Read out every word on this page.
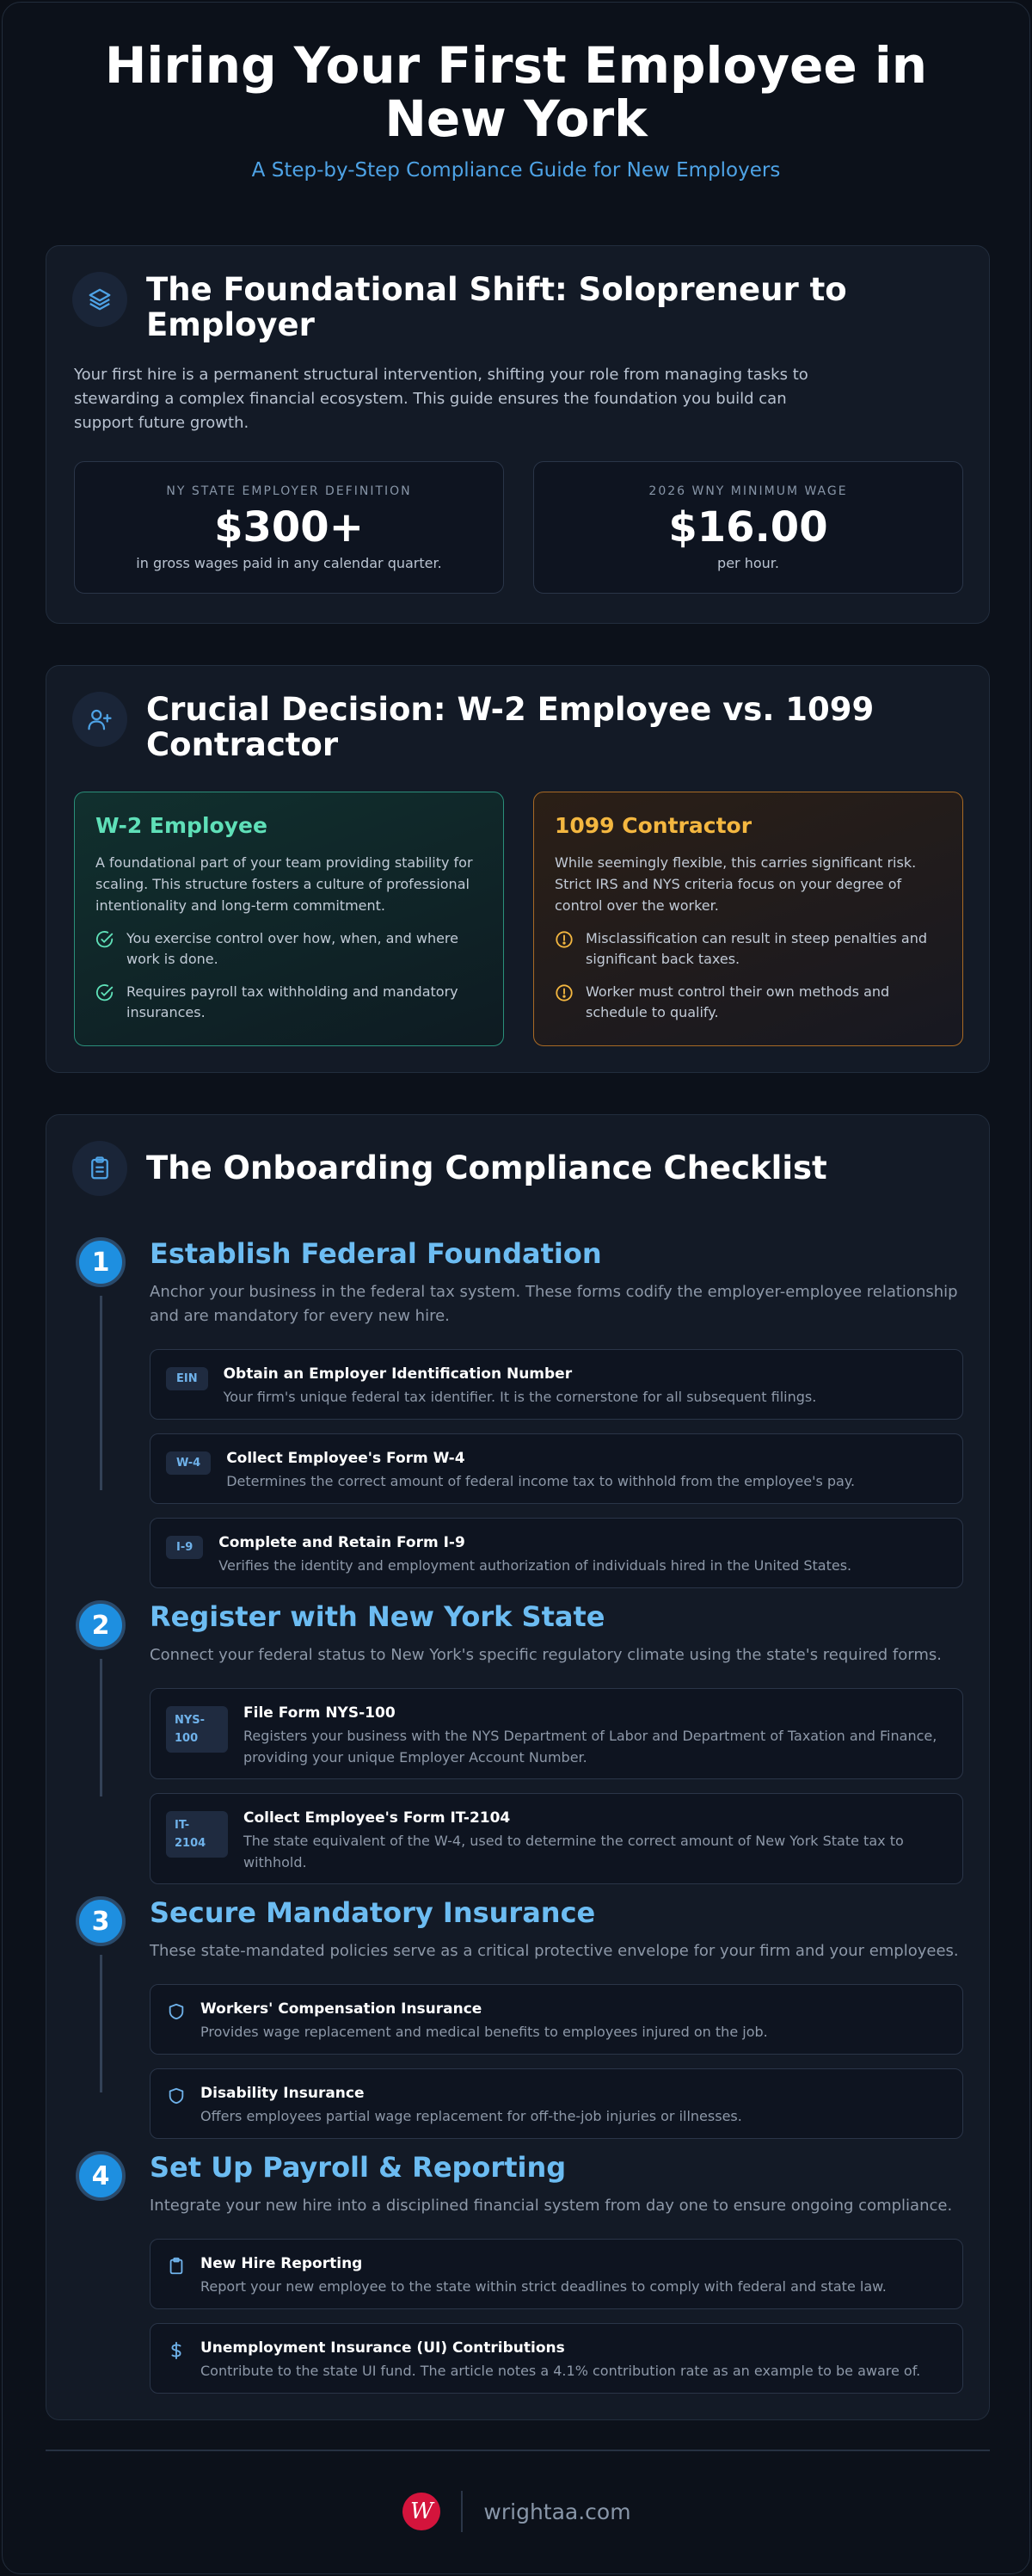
Hiring Your First Employee in New York
A Step-by-Step Compliance Guide for New Employers
The Foundational Shift: Solopreneur to Employer
Your first hire is a permanent structural intervention, shifting your role from managing tasks to stewarding a complex financial ecosystem. This guide ensures the foundation you build can support future growth.
NY STATE EMPLOYER DEFINITION
$300+
in gross wages paid in any calendar quarter.
2026 WNY MINIMUM WAGE
$16.00
per hour.
Crucial Decision: W-2 Employee vs. 1099 Contractor
W-2 Employee
A foundational part of your team providing stability for scaling. This structure fosters a culture of professional intentionality and long-term commitment.
You exercise control over how, when, and where work is done.
Requires payroll tax withholding and mandatory insurances.
1099 Contractor
While seemingly flexible, this carries significant risk. Strict IRS and NYS criteria focus on your degree of control over the worker.
Misclassification can result in steep penalties and significant back taxes.
Worker must control their own methods and schedule to qualify.
The Onboarding Compliance Checklist
1	Establish Federal Foundation
Anchor your business in the federal tax system. These forms codify the employer-employee relationship and are mandatory for every new hire.
EIN	Obtain an Employer Identification Number
Your firm's unique federal tax identifier. It is the cornerstone for all subsequent filings.
W-4	Collect Employee's Form W-4
Determines the correct amount of federal income tax to withhold from the employee's pay.
I-9	Complete and Retain Form I-9
Verifies the identity and employment authorization of individuals hired in the United States.
2	Register with New York State
Connect your federal status to New York's specific regulatory climate using the state's required forms.
NYS-100
File Form NYS-100
Registers your business with the NYS Department of Labor and Department of Taxation and Finance, providing your unique Employer Account Number.
IT-2104
Collect Employee's Form IT-2104
The state equivalent of the W-4, used to determine the correct amount of New York State tax to withhold.
3	Secure Mandatory Insurance
These state-mandated policies serve as a critical protective envelope for your firm and your employees.
Workers' Compensation Insurance
Provides wage replacement and medical benefits to employees injured on the job.
Disability Insurance
Offers employees partial wage replacement for off-the-job injuries or illnesses.
4	Set Up Payroll & Reporting
Integrate your new hire into a disciplined financial system from day one to ensure ongoing compliance.
New Hire Reporting
Report your new employee to the state within strict deadlines to comply with federal and state law.
Unemployment Insurance (UI) Contributions
Contribute to the state UI fund. The article notes a 4.1% contribution rate as an example to be aware of.
W	wrightaa.com
